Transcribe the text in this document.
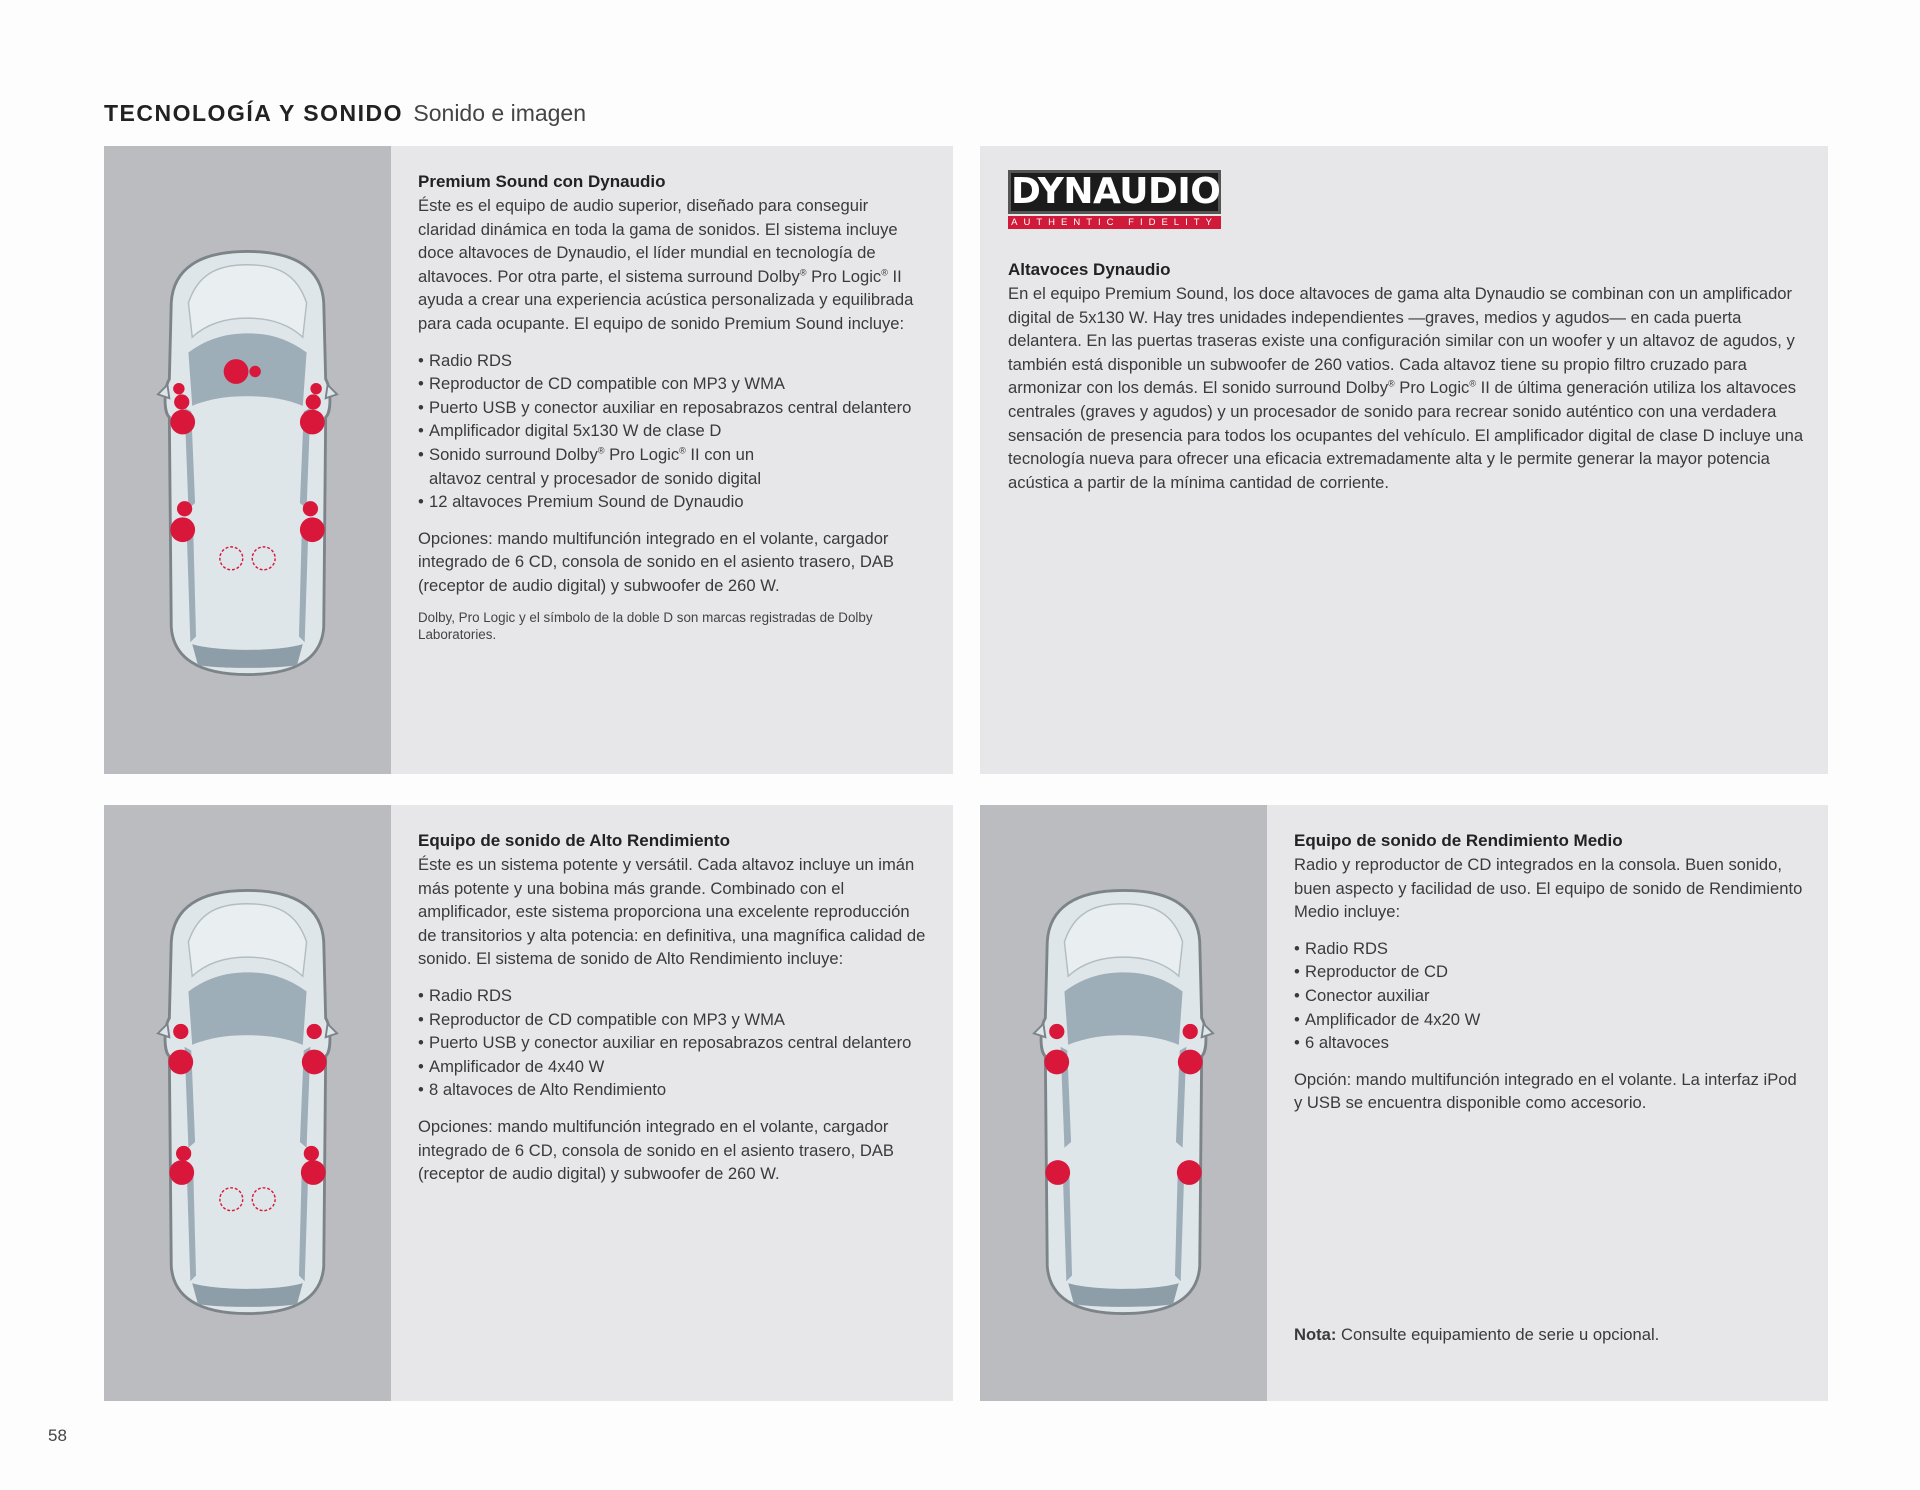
TECNOLOGÍA Y SONIDO Sonido e imagen
Premium Sound con Dynaudio

Éste es el equipo de audio superior, diseñado para conseguir claridad dinámica en toda la gama de sonidos. El sistema incluye doce altavoces de Dynaudio, el líder mundial en tecnología de altavoces. Por otra parte, el sistema surround Dolby® Pro Logic® II ayuda a crear una experiencia acústica personalizada y equilibrada para cada ocupante. El equipo de sonido Premium Sound incluye:

• Radio RDS
• Reproductor de CD compatible con MP3 y WMA
• Puerto USB y conector auxiliar en reposabrazos central delantero
• Amplificador digital 5x130 W de clase D
• Sonido surround Dolby® Pro Logic® II con un altavoz central y procesador de sonido digital
• 12 altavoces Premium Sound de Dynaudio

Opciones: mando multifunción integrado en el volante, cargador integrado de 6 CD, consola de sonido en el asiento trasero, DAB (receptor de audio digital) y subwoofer de 260 W.

Dolby, Pro Logic y el símbolo de la doble D son marcas registradas de Dolby Laboratories.

DYNAUDIO
AUTHENTIC FIDELITY
Altavoces Dynaudio

En el equipo Premium Sound, los doce altavoces de gama alta Dynaudio se combinan con un amplificador digital de 5x130 W. Hay tres unidades independientes —graves, medios y agudos— en cada puerta delantera. En las puertas traseras existe una configuración similar con un woofer y un altavoz de agudos, y también está disponible un subwoofer de 260 vatios. Cada altavoz tiene su propio filtro cruzado para armonizar con los demás. El sonido surround Dolby® Pro Logic® II de última generación utiliza los altavoces centrales (graves y agudos) y un procesador de sonido para recrear sonido auténtico con una verdadera sensación de presencia para todos los ocupantes del vehículo. El amplificador digital de clase D incluye una tecnología nueva para ofrecer una eficacia extremadamente alta y le permite generar la mayor potencia acústica a partir de la mínima cantidad de corriente.

Equipo de sonido de Alto Rendimiento

Éste es un sistema potente y versátil. Cada altavoz incluye un imán más potente y una bobina más grande. Combinado con el amplificador, este sistema proporciona una excelente reproducción de transitorios y alta potencia: en definitiva, una magnífica calidad de sonido. El sistema de sonido de Alto Rendimiento incluye:

• Radio RDS
• Reproductor de CD compatible con MP3 y WMA
• Puerto USB y conector auxiliar en reposabrazos central delantero
• Amplificador de 4x40 W
• 8 altavoces de Alto Rendimiento

Opciones: mando multifunción integrado en el volante, cargador integrado de 6 CD, consola de sonido en el asiento trasero, DAB (receptor de audio digital) y subwoofer de 260 W.

Equipo de sonido de Rendimiento Medio

Radio y reproductor de CD integrados en la consola. Buen sonido, buen aspecto y facilidad de uso. El equipo de sonido de Rendimiento Medio incluye:

• Radio RDS
• Reproductor de CD
• Conector auxiliar
• Amplificador de 4x20 W
• 6 altavoces

Opción: mando multifunción integrado en el volante. La interfaz iPod y USB se encuentra disponible como accesorio.

Nota: Consulte equipamiento de serie u opcional.
58
